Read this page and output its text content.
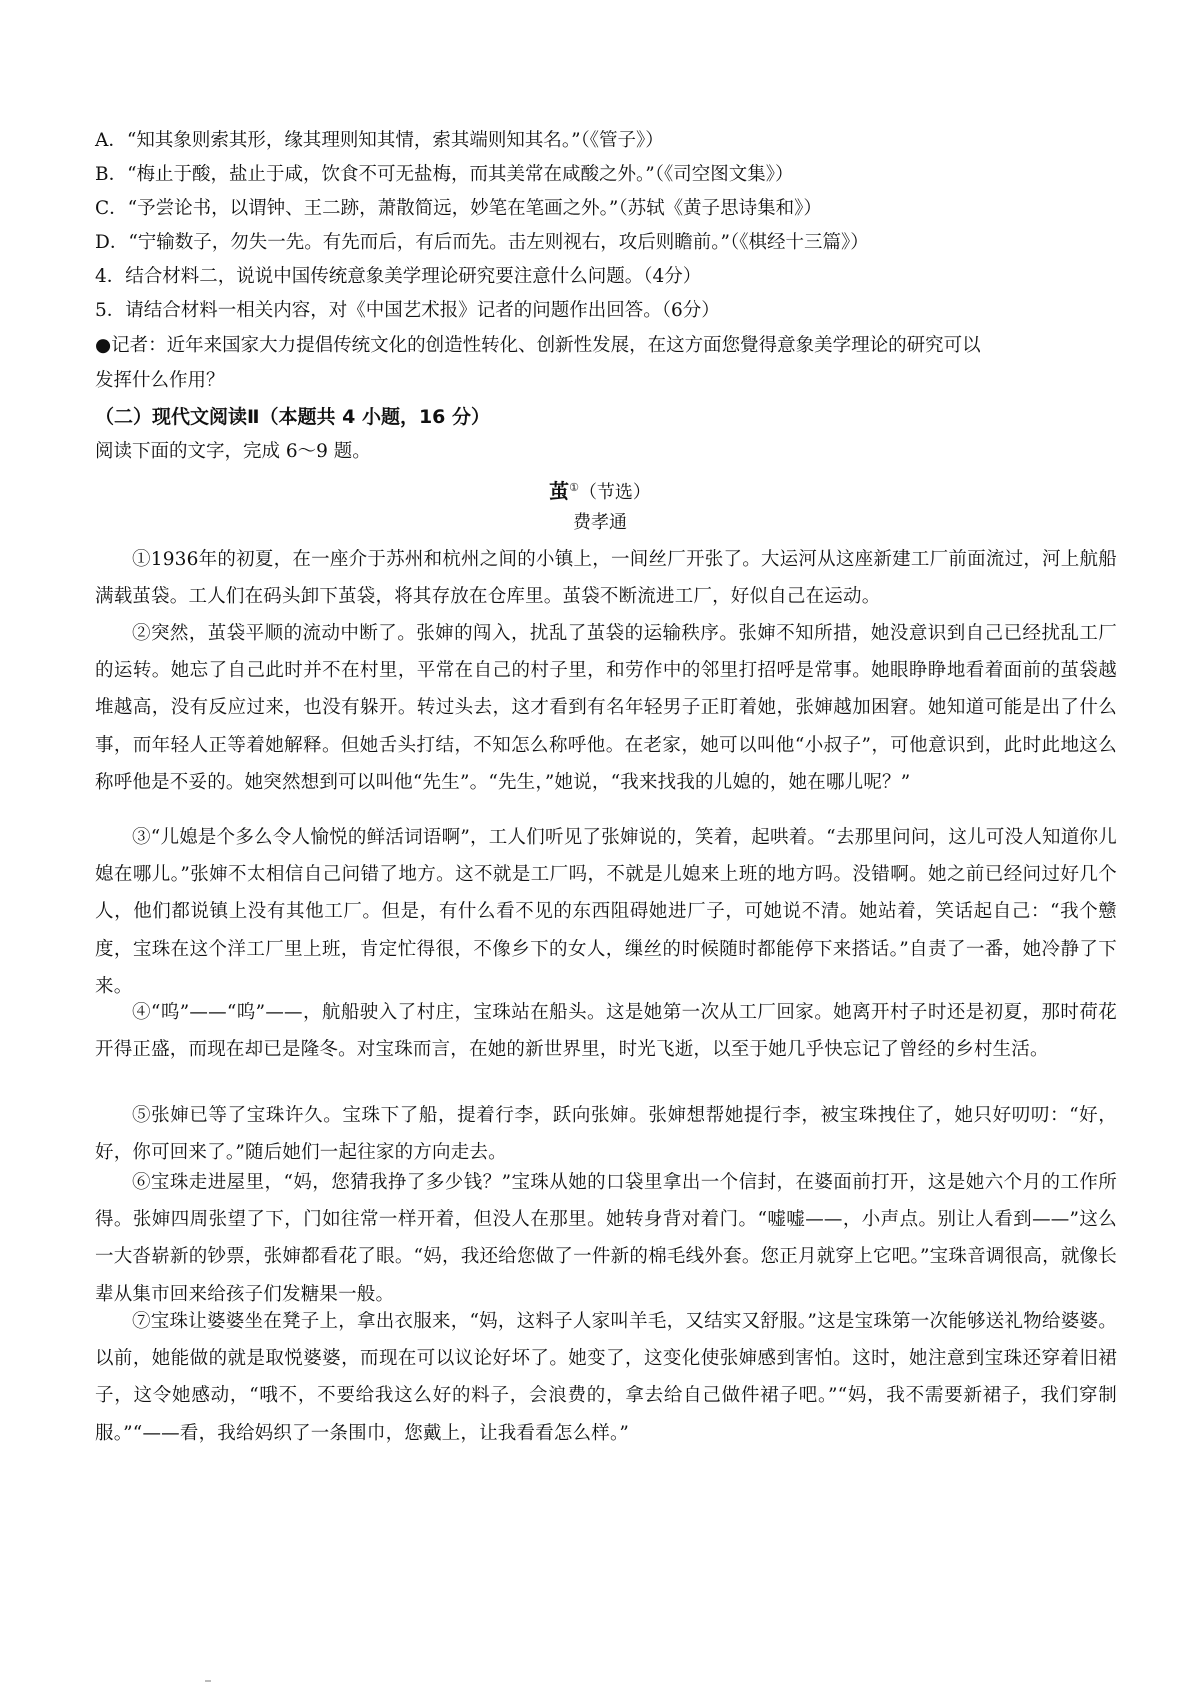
A．“知其象则索其形，缘其理则知其情，索其端则知其名。”（《管子》）
B．“梅止于酸，盐止于咸，饮食不可无盐梅，而其美常在咸酸之外。”（《司空图文集》）
C．“予尝论书，以谓钟、王二跡，萧散简远，妙笔在笔画之外。”（苏轼《黄子思诗集和》）
D．“宁输数子，勿失一先。有先而后，有后而先。击左则视右，攻后则瞻前。”（《棋经十三篇》）
4．结合材料二，说说中国传统意象美学理论研究要注意什么问题。（4分）
5．请结合材料一相关内容，对《中国艺术报》记者的问题作出回答。（6分）
●记者：近年来国家大力提倡传统文化的创造性转化、创新性发展，在这方面您覺得意象美学理论的研究可以
发挥什么作用？
（二）现代文阅读Ⅱ（本题共 4 小题，16 分）
阅读下面的文字，完成 6～9 题。
茧①（节选）
费孝通
①1936年的初夏，在一座介于苏州和杭州之间的小镇上，一间丝厂开张了。大运河从这座新建工厂前面流过，河上航船满载茧袋。工人们在码头卸下茧袋，将其存放在仓库里。茧袋不断流进工厂，好似自己在运动。
②突然，茧袋平顺的流动中断了。张婶的闯入，扰乱了茧袋的运输秩序。张婶不知所措，她没意识到自己已经扰乱工厂的运转。她忘了自己此时并不在村里，平常在自己的村子里，和劳作中的邻里打招呼是常事。她眼睁睁地看着面前的茧袋越堆越高，没有反应过来，也没有躲开。转过头去，这才看到有名年轻男子正盯着她，张婶越加困窘。她知道可能是出了什么事，而年轻人正等着她解释。但她舌头打结，不知怎么称呼他。在老家，她可以叫他“小叔子”，可他意识到，此时此地这么称呼他是不妥的。她突然想到可以叫他“先生”。“先生，”她说，“我来找我的儿媳的，她在哪儿呢？”
③“儿媳是个多么令人愉悦的鲜活词语啊”，工人们听见了张婶说的，笑着，起哄着。“去那里问问，这儿可没人知道你儿媳在哪儿。”张婶不太相信自己问错了地方。这不就是工厂吗，不就是儿媳来上班的地方吗。没错啊。她之前已经问过好几个人，他们都说镇上没有其他工厂。但是，有什么看不见的东西阻碍她进厂子，可她说不清。她站着，笑话起自己：“我个戆度，宝珠在这个洋工厂里上班，肯定忙得很，不像乡下的女人，缫丝的时候随时都能停下来搭话。”自责了一番，她冷静了下来。
④“呜”——“呜”——，航船驶入了村庄，宝珠站在船头。这是她第一次从工厂回家。她离开村子时还是初夏，那时荷花开得正盛，而现在却已是隆冬。对宝珠而言，在她的新世界里，时光飞逝，以至于她几乎快忘记了曾经的乡村生活。
⑤张婶已等了宝珠许久。宝珠下了船，提着行李，跃向张婶。张婶想帮她提行李，被宝珠拽住了，她只好叨叨：“好，好，你可回来了。”随后她们一起往家的方向走去。
⑥宝珠走进屋里，“妈，您猜我挣了多少钱？”宝珠从她的口袋里拿出一个信封，在婆面前打开，这是她六个月的工作所得。张婶四周张望了下，门如往常一样开着，但没人在那里。她转身背对着门。“嘘嘘——，小声点。别让人看到——”这么一大沓崭新的钞票，张婶都看花了眼。“妈，我还给您做了一件新的棉毛线外套。您正月就穿上它吧。”宝珠音调很高，就像长辈从集市回来给孩子们发糖果一般。
⑦宝珠让婆婆坐在凳子上，拿出衣服来，“妈，这料子人家叫羊毛，又结实又舒服。”这是宝珠第一次能够送礼物给婆婆。以前，她能做的就是取悦婆婆，而现在可以议论好坏了。她变了，这变化使张婶感到害怕。这时，她注意到宝珠还穿着旧裙子，这令她感动，“哦不，不要给我这么好的料子，会浪费的，拿去给自己做件裙子吧。”“妈，我不需要新裙子，我们穿制服。”“——看，我给妈织了一条围巾，您戴上，让我看看怎么样。”
